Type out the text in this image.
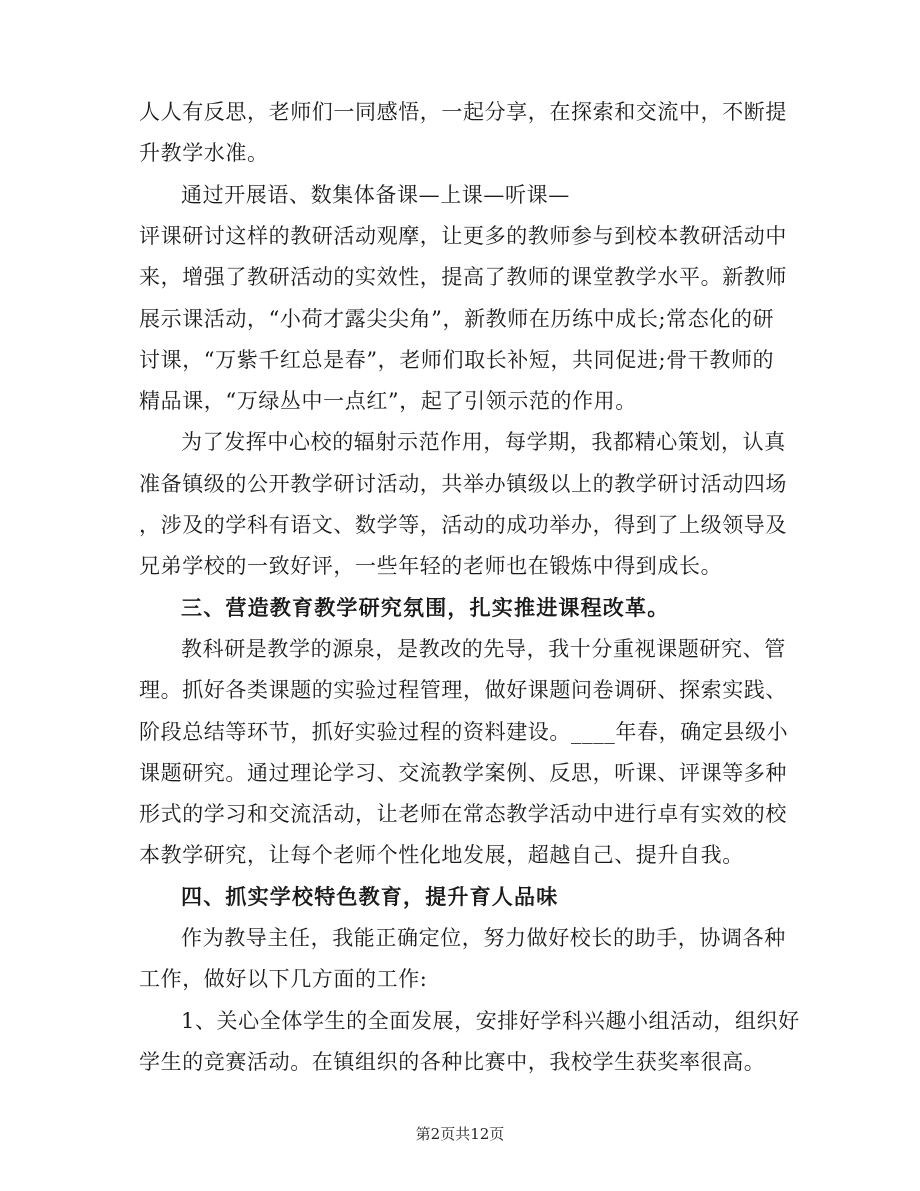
人人有反思，老师们一同感悟，一起分享，在探索和交流中，不断提
升教学水准。
通过开展语、数集体备课—上课—听课—
评课研讨这样的教研活动观摩，让更多的教师参与到校本教研活动中
来，增强了教研活动的实效性，提高了教师的课堂教学水平。新教师
展示课活动，“小荷才露尖尖角”，新教师在历练中成长;常态化的研
讨课，“万紫千红总是春”，老师们取长补短，共同促进;骨干教师的
精品课，“万绿丛中一点红”，起了引领示范的作用。
为了发挥中心校的辐射示范作用，每学期，我都精心策划，认真
准备镇级的公开教学研讨活动，共举办镇级以上的教学研讨活动四场
，涉及的学科有语文、数学等，活动的成功举办，得到了上级领导及
兄弟学校的一致好评，一些年轻的老师也在锻炼中得到成长。
三、营造教育教学研究氛围，扎实推进课程改革。
教科研是教学的源泉，是教改的先导，我十分重视课题研究、管
理。抓好各类课题的实验过程管理，做好课题问卷调研、探索实践、
阶段总结等环节，抓好实验过程的资料建设。____年春，确定县级小
课题研究。通过理论学习、交流教学案例、反思，听课、评课等多种
形式的学习和交流活动，让老师在常态教学活动中进行卓有实效的校
本教学研究，让每个老师个性化地发展，超越自己、提升自我。
四、抓实学校特色教育，提升育人品味
作为教导主任，我能正确定位，努力做好校长的助手，协调各种
工作，做好以下几方面的工作:
1、关心全体学生的全面发展，安排好学科兴趣小组活动，组织好
学生的竞赛活动。在镇组织的各种比赛中，我校学生获奖率很高。
第2页共12页
